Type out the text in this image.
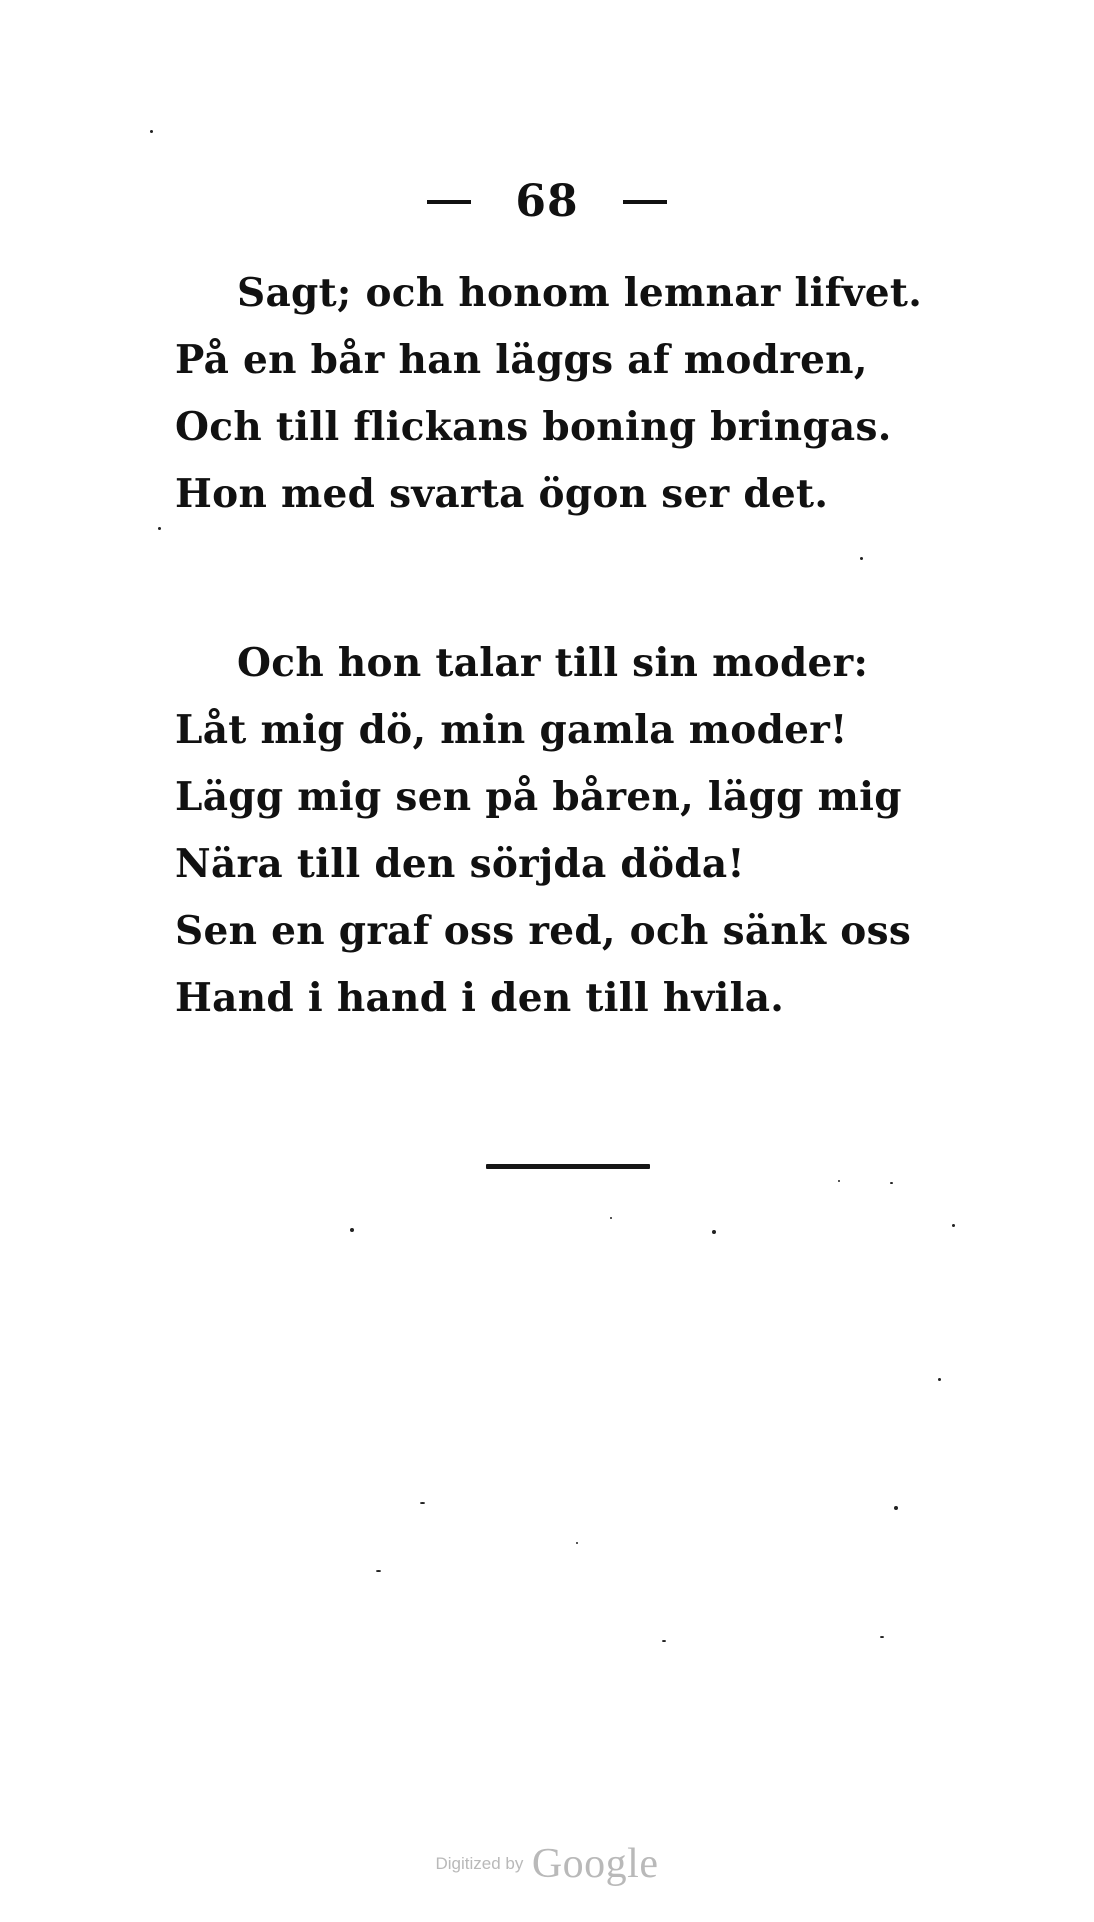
68
Sagt; och honom lemnar lifvet.
På en bår han läggs af modren,
Och till flickans boning bringas.
Hon med svarta ögon ser det.
Och hon talar till sin moder:
Låt mig dö, min gamla moder!
Lägg mig sen på båren, lägg mig
Nära till den sörjda döda!
Sen en graf oss red, och sänk oss
Hand i hand i den till hvila.
Digitized by Google
